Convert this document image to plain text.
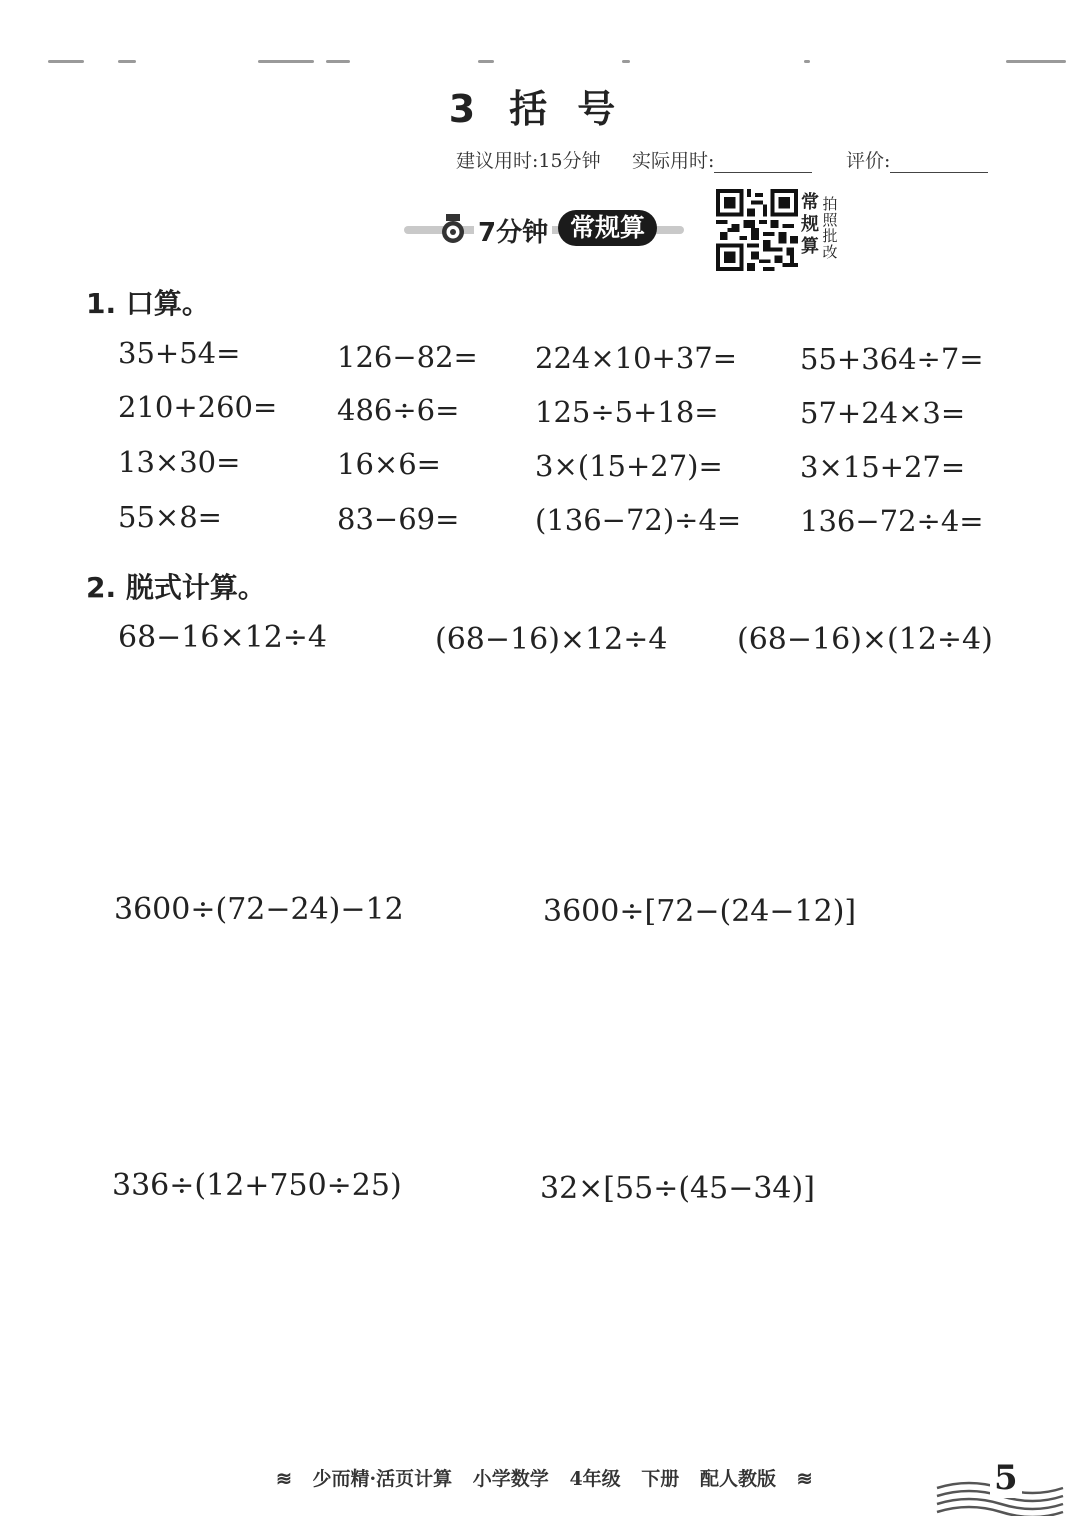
3 括 号
建议用时:15分钟 实际用时:	评价:
7分钟 常规算
常规算
拍照批改
1. 口算。
35+54=	126−82= 224×10+37= 55+364÷7=
210+260= 486÷6=	125÷5+18=	57+24×3=
13×30=	16×6=	3×(15+27)=	3×15+27=
55×8=	83−69=	(136−72)÷4= 136−72÷4=
2. 脱式计算。
68−16×12÷4	(68−16)×12÷4 (68−16)×(12÷4)
3600÷(72−24)−12	3600÷[72−(24−12)]
336÷(12+750÷25)	32×[55÷(45−34)]
≋ 少而精·活页计算 小学数学 4年级 下册 配人教版 ≋	5
